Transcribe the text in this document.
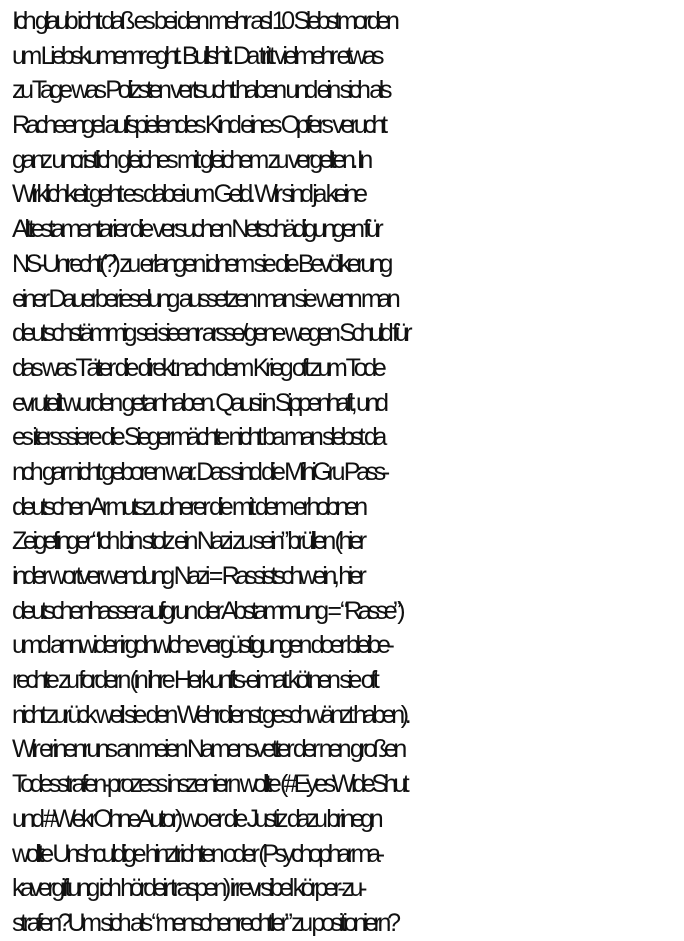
Ich glaub icht daß es bei den mehr asl 10 Slebstmorden
um Liebskumemr eght. Bullshit. Da tritt vielmehr etwas
zu Tage was Polizsten vertsucht haben und ein sich als
Racheengel aufspielendes Kind eines Opfers verucht
ganz uncristlich gleiches mit gleichem zu vergelten. In
Wirklichkeit geht es dabei um Geld. Wir sind ja keine
Alttestamentarier die versuchen Netschädigungen für
NS-Unrecht(?) zu erlangen idnem sie die Bevölkerung
einer Dauerberieselung aussetzen man sie wenn man
deutschstämmig sei sieenr arsse/gene wegen Schuld für
das was Täter die direkt nach dem Krieg oft zum Tode
evruteilt wurden getanhaben. Qausi in Sippenhaft, und
es itersssiere die Siegermächte nicht ba man slebst da
nch gar nicht geboren war. Das sind die MihiGru Pass-
deutschen Armutszudnerer die mit dem erhobnen
Zeigefinger “Ich bin stolz ein Nazi zu sein” brüllen (hier
inder wortverwendung Nazi = Rassistschwein, hier
deutschenhasser aufgrun der Abstammung = “Rasse”)
umd annwider irgdnwlche vergüstigungen doer bleibe-
rechte zu fordern (in ihre Herkunfts-eimat kötnen sie oft
nicht zurück weil sie den Wehrdienst geschwänzt haben).
Wir erinenruns an meien Namensvetter der nen großen
Todesstrafen-prozess inszeniern wollte (#EyesWideShut
und #WekrOhneAutor) wo er die Justiz dazu brinegn
wollte Unshculdige hinztrichten oder (Psychopharma-
kavergiftung ich hördeir traspen) irrevrsibel körper-zu-
strafen?Um sich als “menschenrechtler” zu positioniern?
